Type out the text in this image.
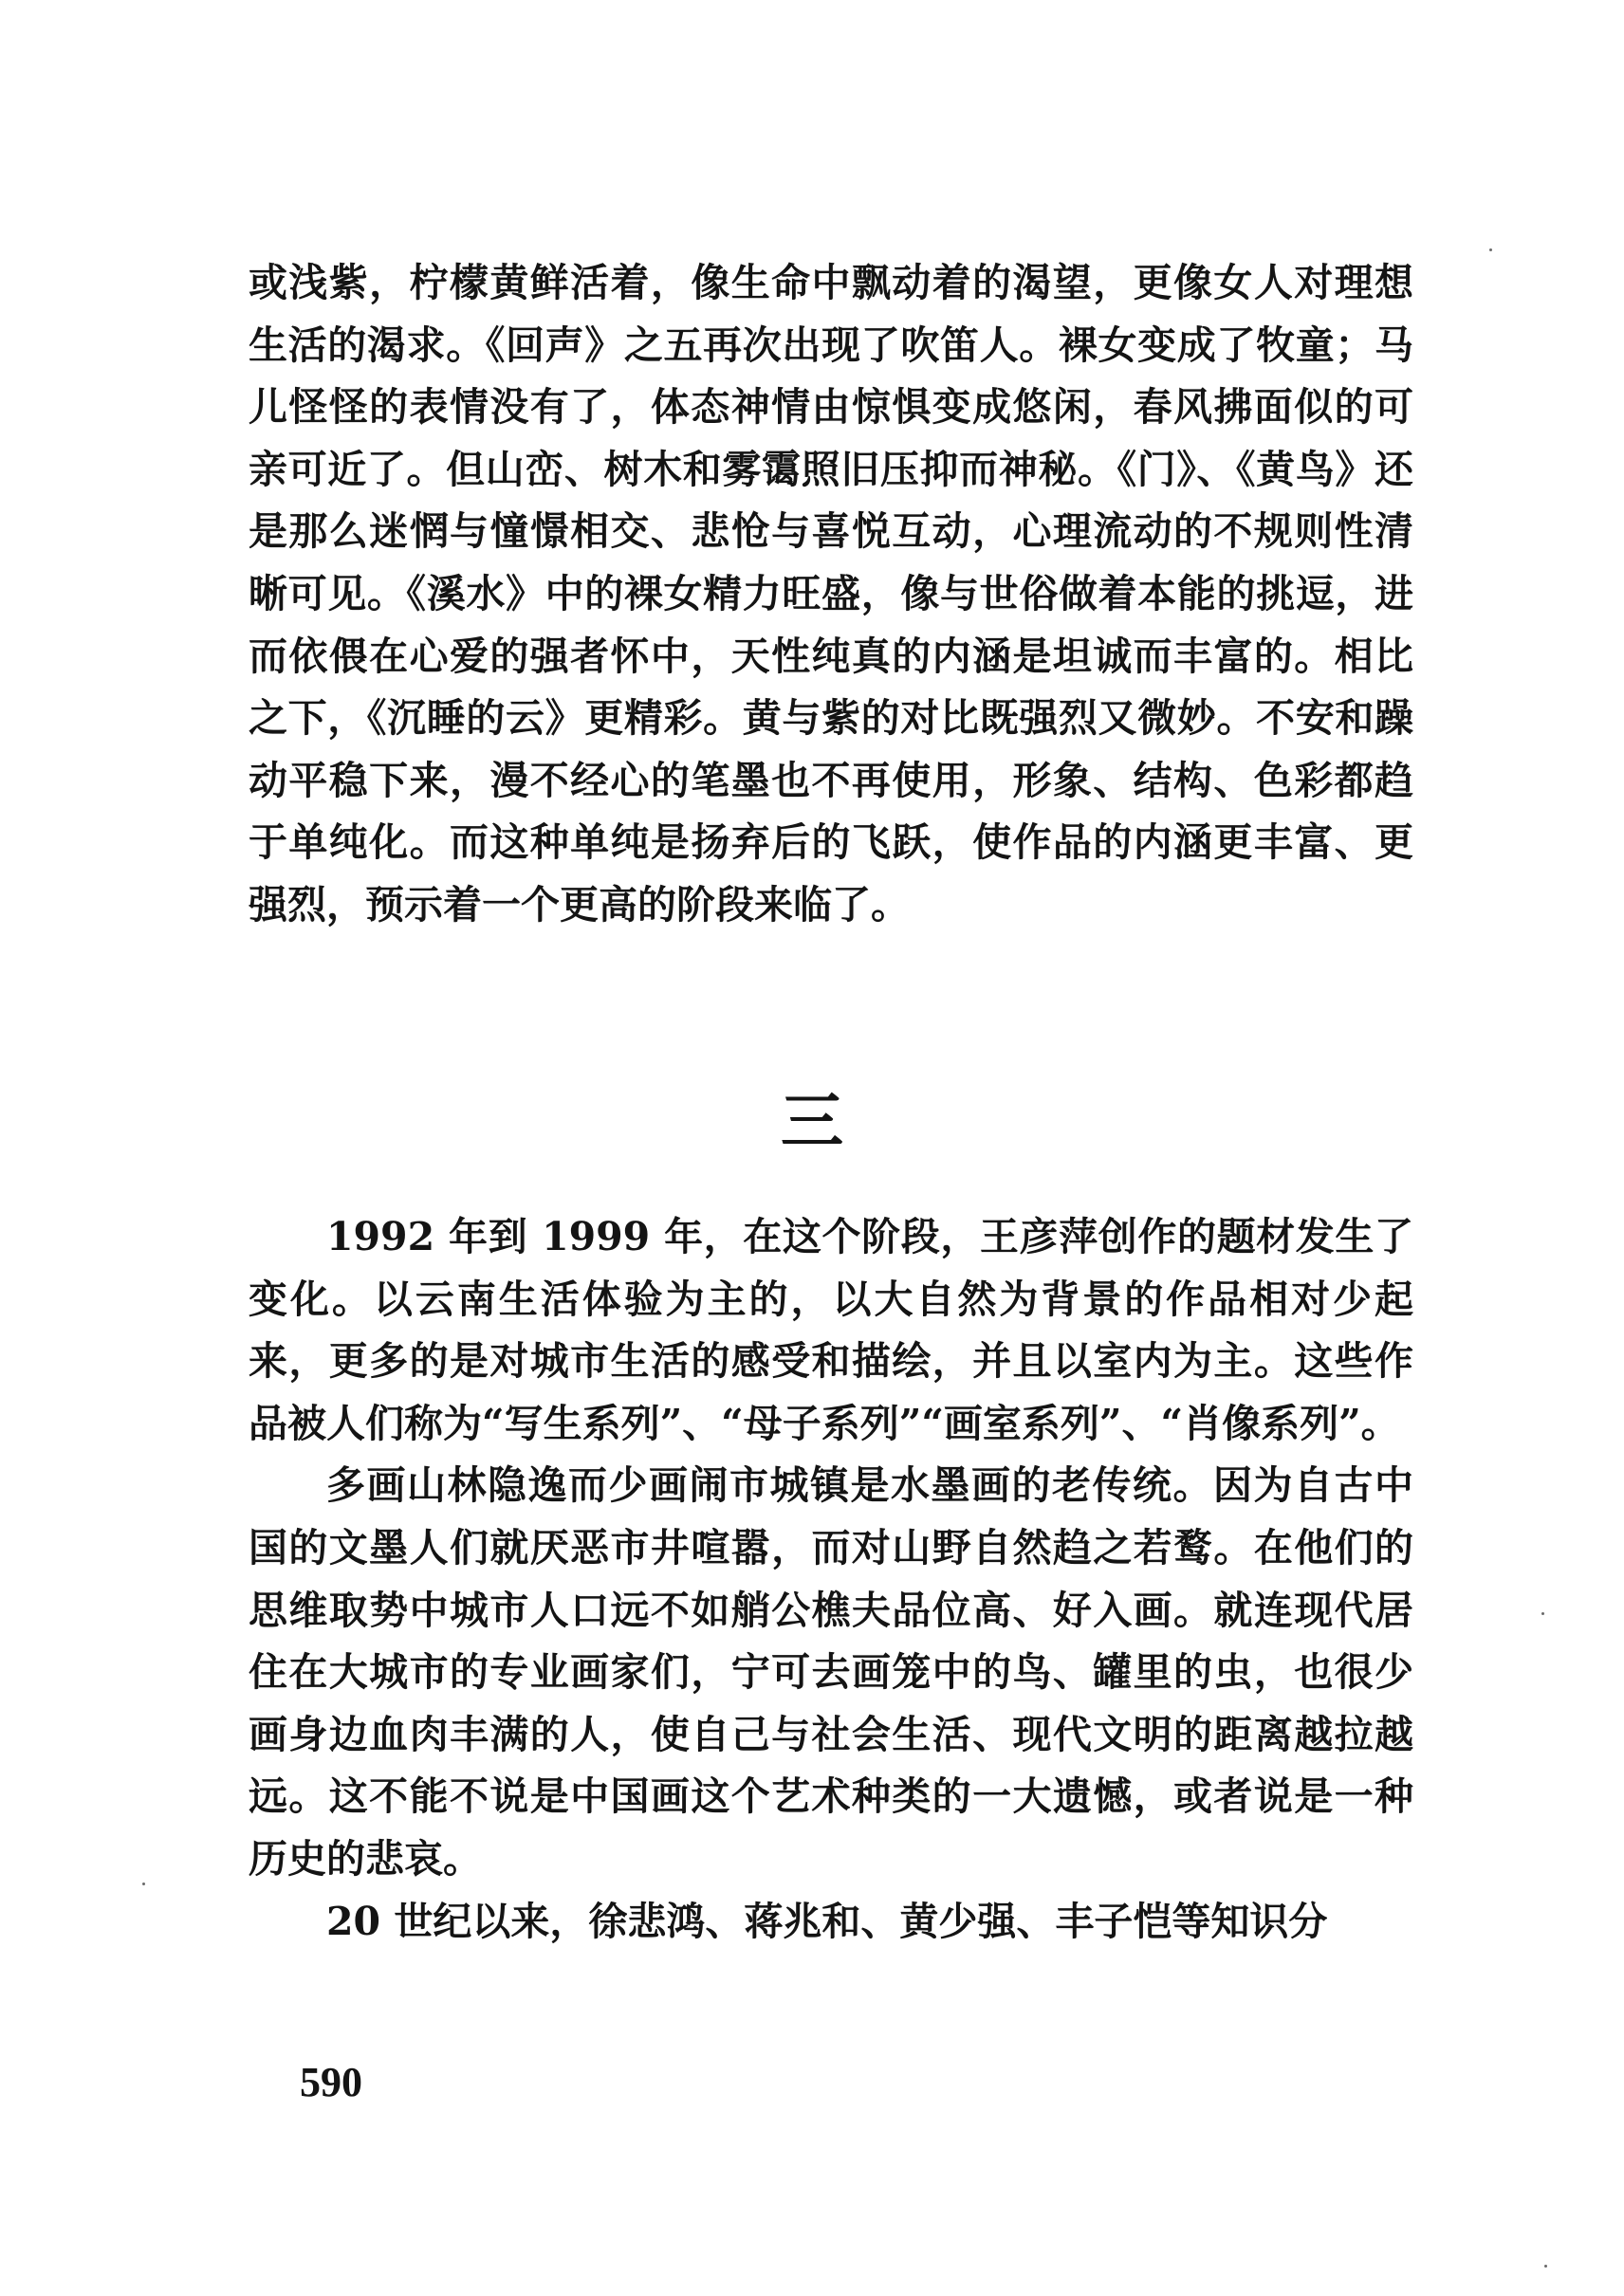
或浅紫，柠檬黄鲜活着，像生命中飘动着的渴望，更像女人对理想生活的渴求。《回声》之五再次出现了吹笛人。裸女变成了牧童；马儿怪怪的表情没有了，体态神情由惊惧变成悠闲，春风拂面似的可亲可近了。但山峦、树木和雾霭照旧压抑而神秘。《门》、《黄鸟》还是那么迷惘与憧憬相交、悲怆与喜悦互动，心理流动的不规则性清晰可见。《溪水》中的裸女精力旺盛，像与世俗做着本能的挑逗，进而依偎在心爱的强者怀中，天性纯真的内涵是坦诚而丰富的。相比之下，《沉睡的云》更精彩。黄与紫的对比既强烈又微妙。不安和躁动平稳下来，漫不经心的笔墨也不再使用，形象、结构、色彩都趋于单纯化。而这种单纯是扬弃后的飞跃，使作品的内涵更丰富、更强烈，预示着一个更高的阶段来临了。

三

1992 年到 1999 年，在这个阶段，王彦萍创作的题材发生了变化。以云南生活体验为主的，以大自然为背景的作品相对少起来，更多的是对城市生活的感受和描绘，并且以室内为主。这些作品被人们称为“写生系列”、“母子系列”“画室系列”、“肖像系列”。

多画山林隐逸而少画闹市城镇是水墨画的老传统。因为自古中国的文墨人们就厌恶市井喧嚣，而对山野自然趋之若鹜。在他们的思维取势中城市人口远不如艄公樵夫品位高、好入画。就连现代居住在大城市的专业画家们，宁可去画笼中的鸟、罐里的虫，也很少画身边血肉丰满的人，使自己与社会生活、现代文明的距离越拉越远。这不能不说是中国画这个艺术种类的一大遗憾，或者说是一种历史的悲哀。

20 世纪以来，徐悲鸿、蒋兆和、黄少强、丰子恺等知识分

590
